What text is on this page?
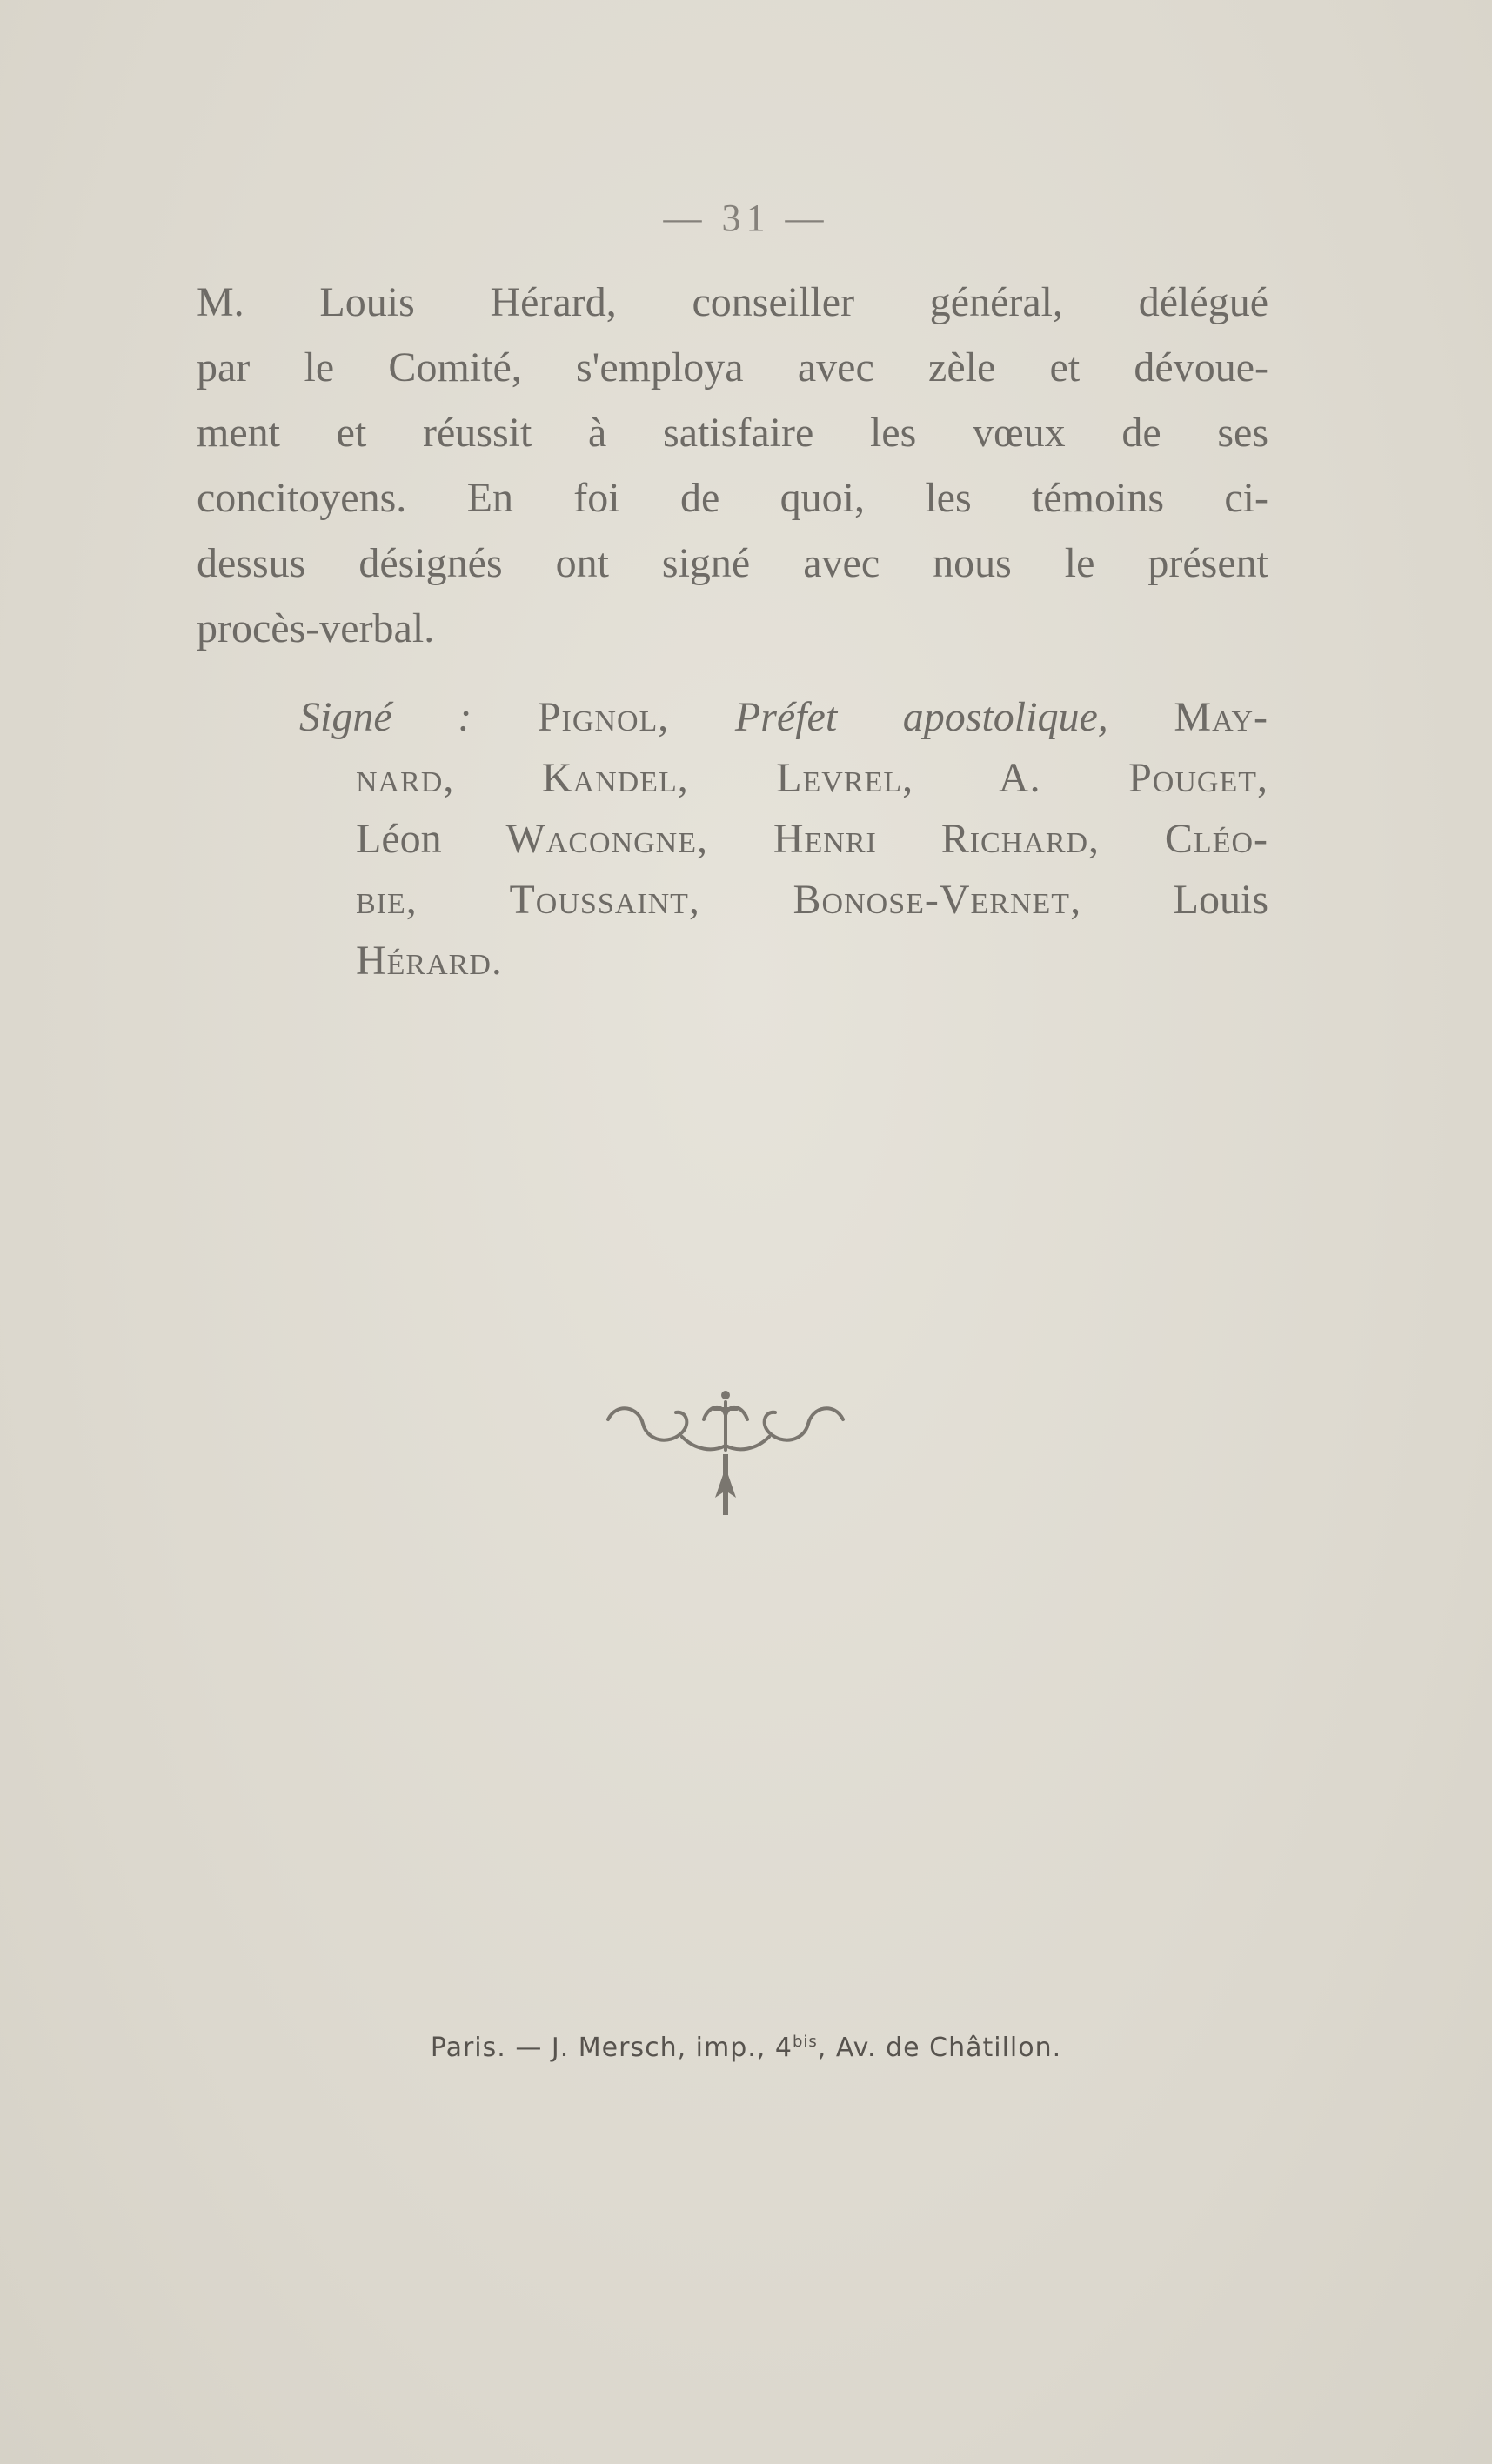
— 31 —
M. Louis Hérard, conseiller général, délégué
par le Comité, s'employa avec zèle et dévoue-
ment et réussit à satisfaire les vœux de ses
concitoyens. En foi de quoi, les témoins ci-
dessus désignés ont signé avec nous le présent
procès-verbal.
Signé : Pignol, Préfet apostolique, May-
nard, Kandel, Levrel, A. Pouget,
Léon Wacongne, Henri Richard, Cléo-
bie, Toussaint, Bonose-Vernet, Louis
Hérard.
Paris. — J. Mersch, imp., $4^{bis}$, Av. de Châtillon.
